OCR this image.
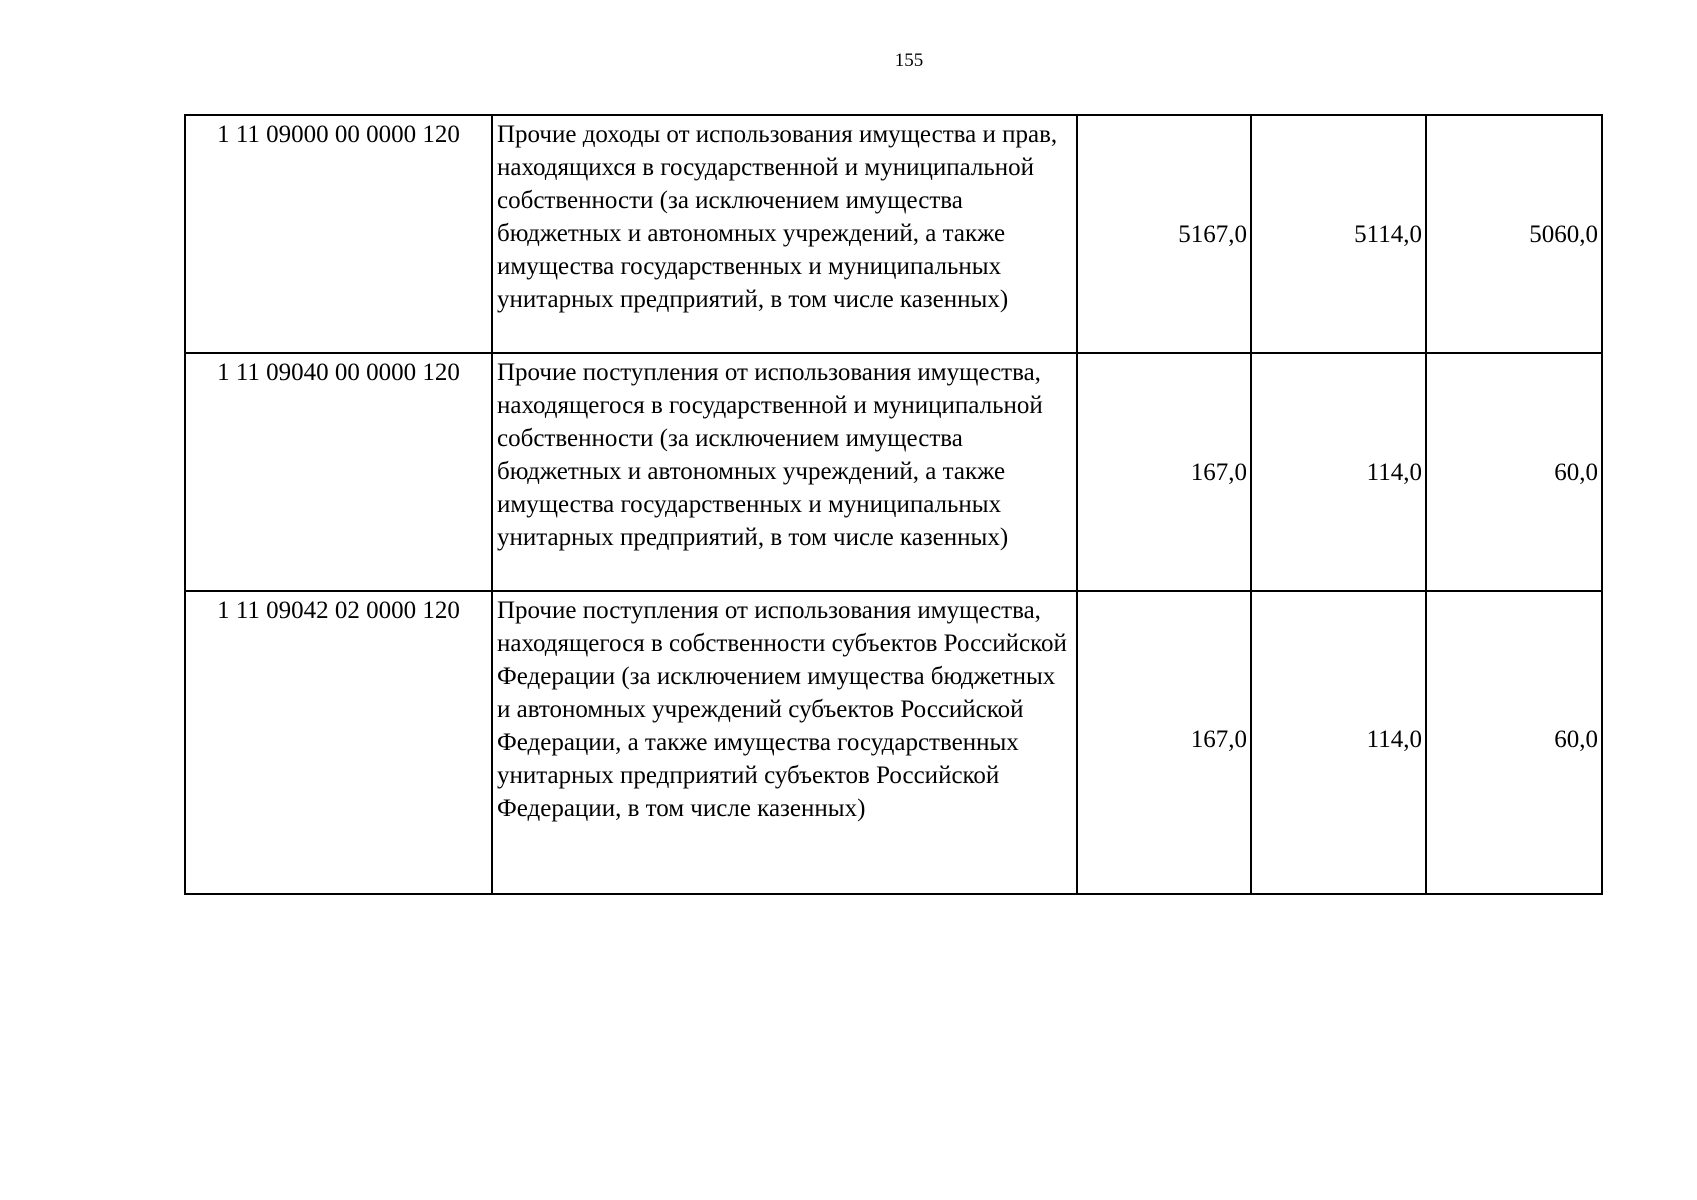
155
1 11 09000 00 0000 120	Прочие доходы от использования имущества и прав, находящихся в государственной и муниципальной собственности (за исключением имущества бюджетных и автономных учреждений, а также имущества государственных и муниципальных унитарных предприятий, в том числе казенных)	5167,0	5114,0	5060,0
1 11 09040 00 0000 120	Прочие поступления от использования имущества, находящегося в государственной и муниципальной собственности (за исключением имущества бюджетных и автономных учреждений, а также имущества государственных и муниципальных унитарных предприятий, в том числе казенных)	167,0	114,0	60,0
1 11 09042 02 0000 120	Прочие поступления от использования имущества, находящегося в собственности субъектов Российской Федерации (за исключением имущества бюджетных и автономных учреждений субъектов Российской Федерации, а также имущества государственных унитарных предприятий субъектов Российской Федерации, в том числе казенных)	167,0	114,0	60,0
